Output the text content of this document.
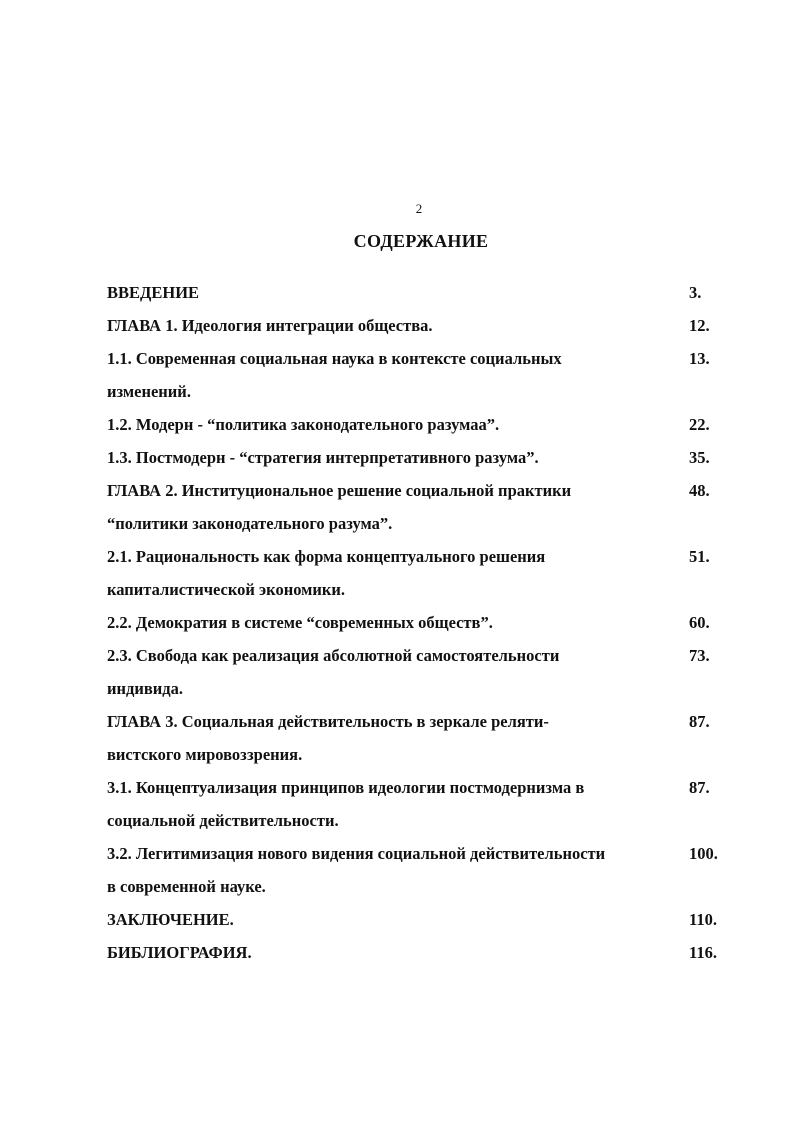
2
СОДЕРЖАНИЕ
ВВЕДЕНИЕ	3.
ГЛАВА 1. Идеология интеграции общества.	12.
1.1. Современная социальная наука в контексте социальных	13.
изменений.
1.2. Модерн - “политика законодательного разумаа”.	22.
1.3. Постмодерн - “стратегия интерпретативного разума”.	35.
ГЛАВА 2. Институциональное решение социальной практики	48.
“политики законодательного разума”.
2.1. Рациональность как форма концептуального решения	51.
капиталистической экономики.
2.2. Демократия в системе “современных обществ”.	60.
2.3. Свобода как реализация абсолютной самостоятельности	73.
индивида.
ГЛАВА 3. Социальная действительность в зеркале реляти-	87.
вистского мировоззрения.
3.1. Концептуализация принципов идеологии постмодернизма в	87.
социальной действительности.
3.2. Легитимизация нового видения социальной действительности	100.
в современной науке.
ЗАКЛЮЧЕНИЕ.	110.
БИБЛИОГРАФИЯ.	116.
